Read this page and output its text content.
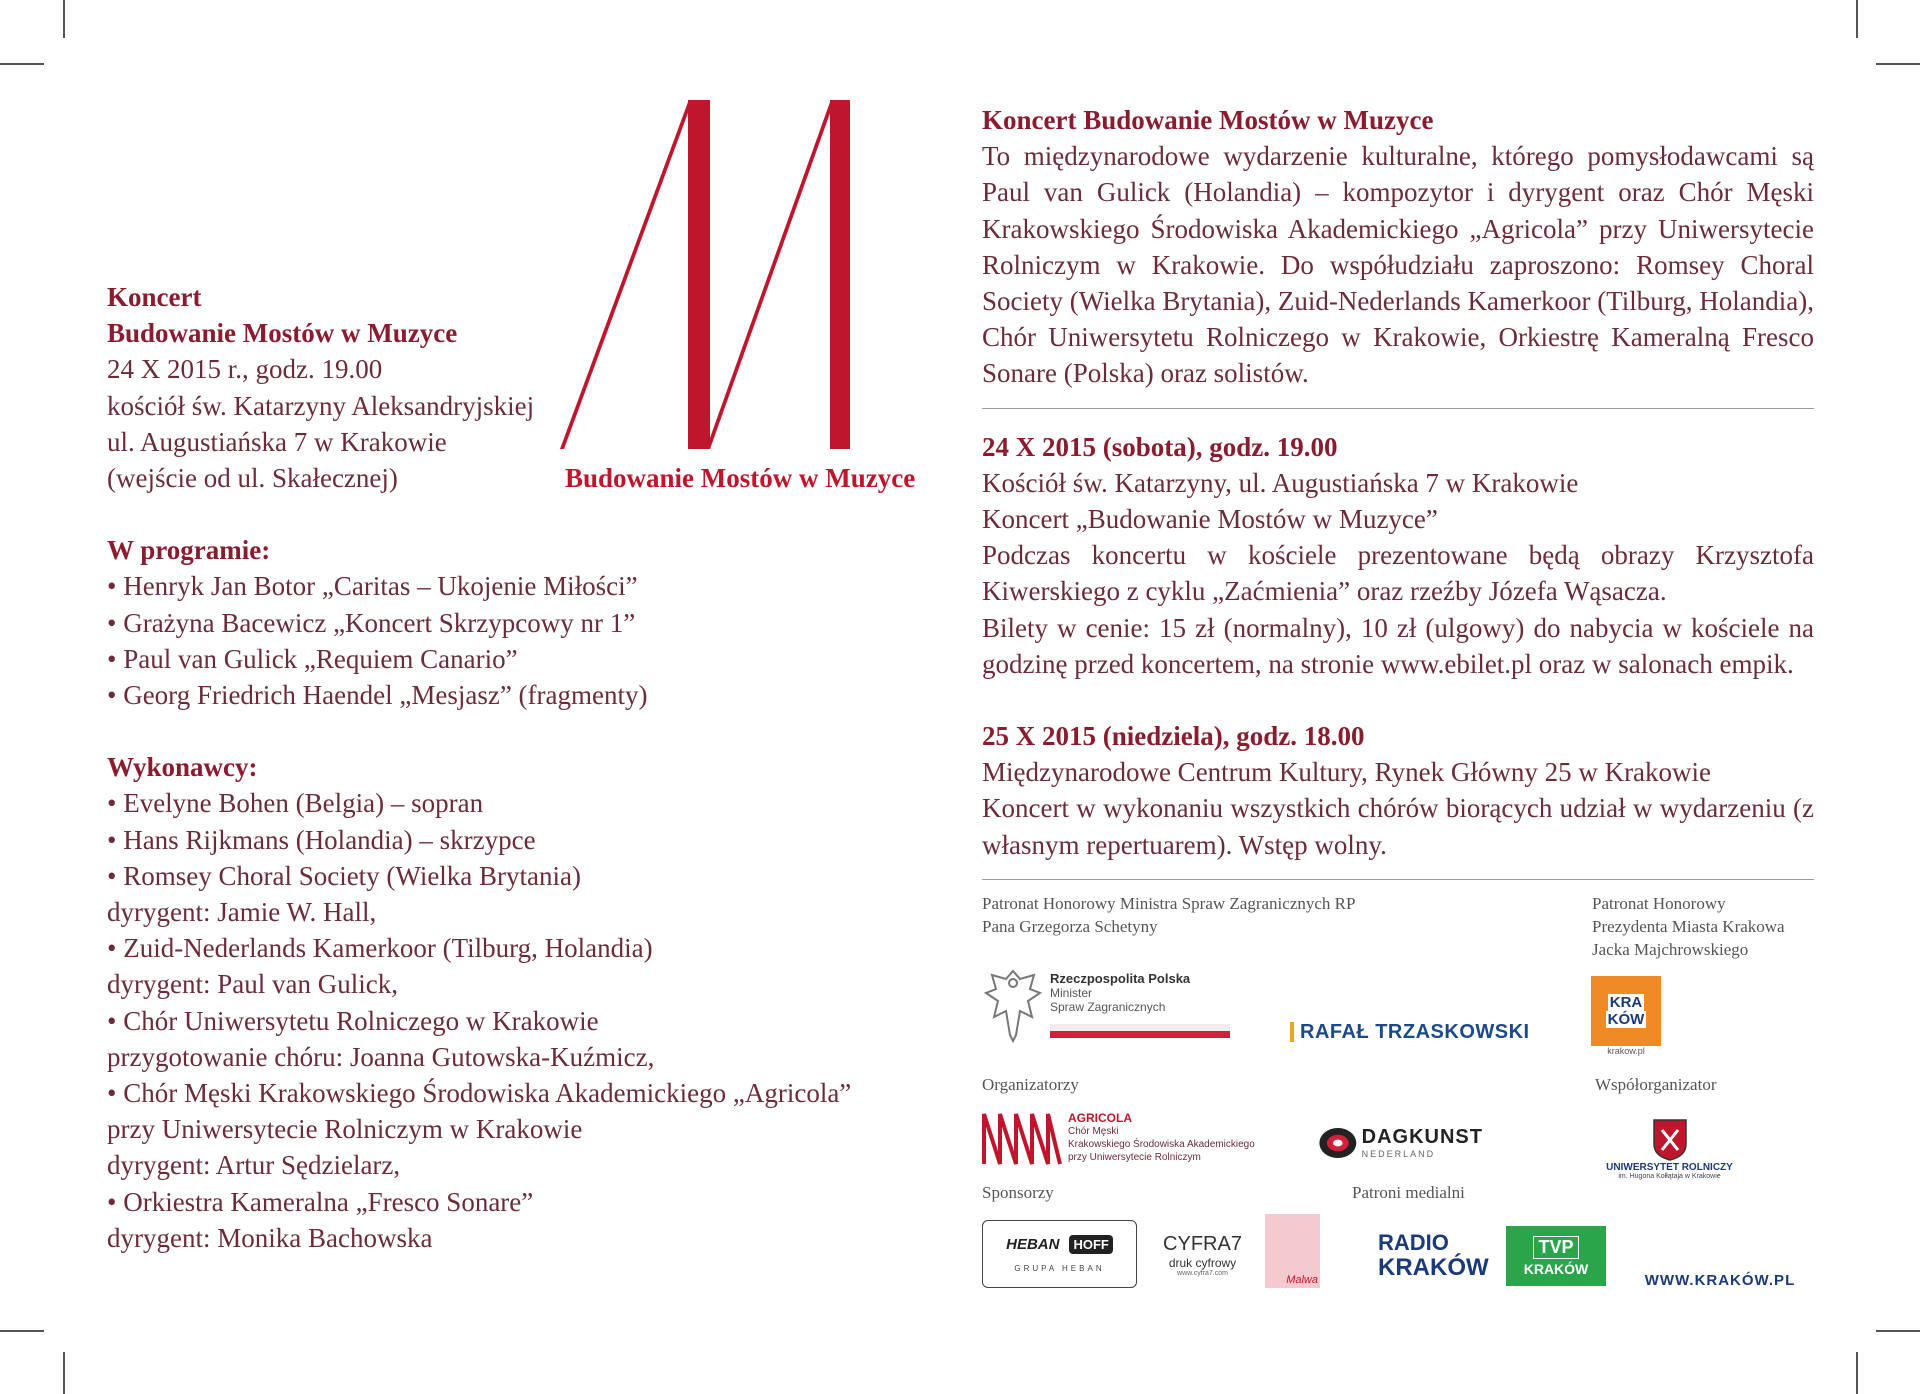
Budowanie Mostów w Muzyce
Koncert
Budowanie Mostów w Muzyce
24 X 2015 r., godz. 19.00
kościół św. Katarzyny Aleksandryjskiej
ul. Augustiańska 7 w Krakowie
(wejście od ul. Skałecznej)
W programie:
• Henryk Jan Botor „Caritas – Ukojenie Miłości”
• Grażyna Bacewicz „Koncert Skrzypcowy nr 1”
• Paul van Gulick „Requiem Canario”
• Georg Friedrich Haendel „Mesjasz” (fragmenty)
Wykonawcy:
• Evelyne Bohen (Belgia) – sopran
• Hans Rijkmans (Holandia) – skrzypce
• Romsey Choral Society (Wielka Brytania)
dyrygent: Jamie W. Hall,
• Zuid-Nederlands Kamerkoor (Tilburg, Holandia)
dyrygent: Paul van Gulick,
• Chór Uniwersytetu Rolniczego w Krakowie
przygotowanie chóru: Joanna Gutowska-Kuźmicz,
• Chór Męski Krakowskiego Środowiska Akademickiego „Agricola”
przy Uniwersytecie Rolniczym w Krakowie
dyrygent: Artur Sędzielarz,
• Orkiestra Kameralna „Fresco Sonare”
dyrygent: Monika Bachowska
Koncert Budowanie Mostów w Muzyce
To międzynarodowe wydarzenie kulturalne, którego pomysłodawcami są Paul van Gulick (Holandia) – kompozytor i dyrygent oraz Chór Męski Krakowskiego Środowiska Akademickiego „Agricola” przy Uniwersytecie Rolniczym w Krakowie. Do współudziału zaproszono: Romsey Choral Society (Wielka Brytania), Zuid-Nederlands Kamerkoor (Tilburg, Holandia), Chór Uniwersytetu Rolniczego w Krakowie, Orkiestrę Kameralną Fresco Sonare (Polska) oraz solistów.
24 X 2015 (sobota), godz. 19.00
Kościół św. Katarzyny, ul. Augustiańska 7 w Krakowie
Koncert „Budowanie Mostów w Muzyce”
Podczas koncertu w kościele prezentowane będą obrazy Krzysztofa Kiwerskiego z cyklu „Zaćmienia” oraz rzeźby Józefa Wąsacza.
Bilety w cenie: 15 zł (normalny), 10 zł (ulgowy) do nabycia w kościele na godzinę przed koncertem, na stronie www.ebilet.pl oraz w salonach empik.
25 X 2015 (niedziela), godz. 18.00
Międzynarodowe Centrum Kultury, Rynek Główny 25 w Krakowie
Koncert w wykonaniu wszystkich chórów biorących udział w wydarzeniu (z własnym repertuarem). Wstęp wolny.
Patronat Honorowy Ministra Spraw Zagranicznych RP
Pana Grzegorza Schetyny
Patronat Honorowy
Prezydenta Miasta Krakowa
Jacka Majchrowskiego
Rzeczpospolita Polska
Minister
Spraw Zagranicznych
RAFAŁ TRZASKOWSKI
KRA
KÓW
krakow.pl
Organizatorzy	Współorganizator
Sponsorzy	Patroni medialni
AGRICOLA
Chór Męski
Krakowskiego Środowiska Akademickiego
przy Uniwersytecie Rolniczym
DAGKUNST
NEDERLAND
UNIWERSYTET ROLNICZY
im. Hugona Kołłątaja w Krakowie
HEBAN	HOFF
GRUPA HEBAN
CYFRA7
druk cyfrowy
www.cyfra7.com
Malwa
RADIO
KRAKÓW
TVP
KRAKÓW
WWW.KRAKÓW.PL
